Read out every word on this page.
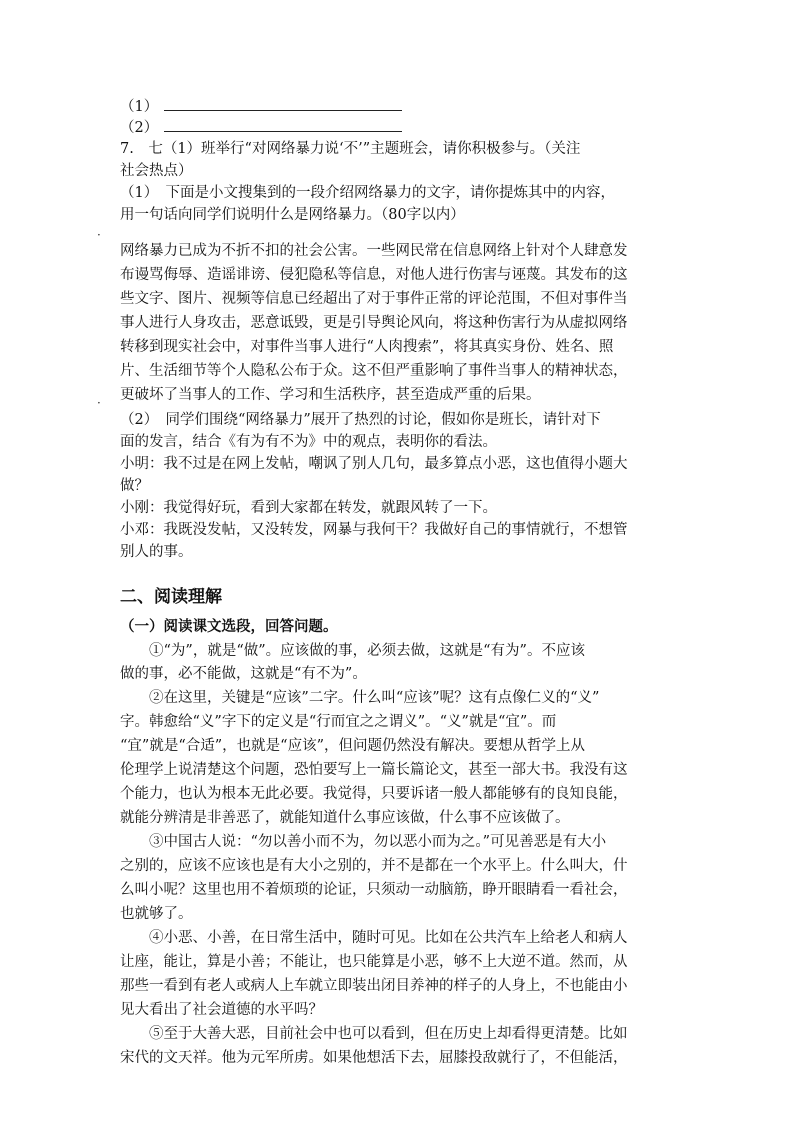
（1）
（2）
7.　七（1）班举行“对网络暴力说‘不’”主题班会，请你积极参与。（关注
社会热点）
（1）　下面是小文搜集到的一段介绍网络暴力的文字，请你提炼其中的内容，
用一句话向同学们说明什么是网络暴力。（80字以内）
·
网络暴力已成为不折不扣的社会公害。一些网民常在信息网络上针对个人肆意发
布谩骂侮辱、造谣诽谤、侵犯隐私等信息，对他人进行伤害与诬蔑。其发布的这
些文字、图片、视频等信息已经超出了对于事件正常的评论范围，不但对事件当
事人进行人身攻击，恶意诋毁，更是引导舆论风向，将这种伤害行为从虚拟网络
转移到现实社会中，对事件当事人进行“人肉搜索”，将其真实身份、姓名、照
片、生活细节等个人隐私公布于众。这不但严重影响了事件当事人的精神状态，
更破坏了当事人的工作、学习和生活秩序，甚至造成严重的后果。
·
（2）　同学们围绕“网络暴力”展开了热烈的讨论，假如你是班长，请针对下
面的发言，结合《有为有不为》中的观点，表明你的看法。
小明：我不过是在网上发帖，嘲讽了别人几句，最多算点小恶，这也值得小题大
做？
小刚：我觉得好玩，看到大家都在转发，就跟风转了一下。
小邓：我既没发帖，又没转发，网暴与我何干？我做好自己的事情就行，不想管
别人的事。
二、阅读理解
（一）阅读课文选段，回答问题。
　　①“为”，就是“做”。应该做的事，必须去做，这就是“有为”。不应该
做的事，必不能做，这就是“有不为”。
　　②在这里，关键是“应该”二字。什么叫“应该”呢？这有点像仁义的“义”
字。韩愈给“义”字下的定义是“行而宜之之谓义”。“义”就是“宜”。而
“宜”就是“合适”，也就是“应该”，但问题仍然没有解决。要想从哲学上从
伦理学上说清楚这个问题，恐怕要写上一篇长篇论文，甚至一部大书。我没有这
个能力，也认为根本无此必要。我觉得，只要诉诸一般人都能够有的良知良能，
就能分辨清是非善恶了，就能知道什么事应该做，什么事不应该做了。
　　③中国古人说：“勿以善小而不为，勿以恶小而为之。”可见善恶是有大小
之别的，应该不应该也是有大小之别的，并不是都在一个水平上。什么叫大，什
么叫小呢？这里也用不着烦琐的论证，只须动一动脑筋，睁开眼睛看一看社会，
也就够了。
　　④小恶、小善，在日常生活中，随时可见。比如在公共汽车上给老人和病人
让座，能让，算是小善；不能让，也只能算是小恶，够不上大逆不道。然而，从
那些一看到有老人或病人上车就立即装出闭目养神的样子的人身上，不也能由小
见大看出了社会道德的水平吗？
　　⑤至于大善大恶，目前社会中也可以看到，但在历史上却看得更清楚。比如
宋代的文天祥。他为元军所虏。如果他想活下去，屈膝投敌就行了，不但能活，
